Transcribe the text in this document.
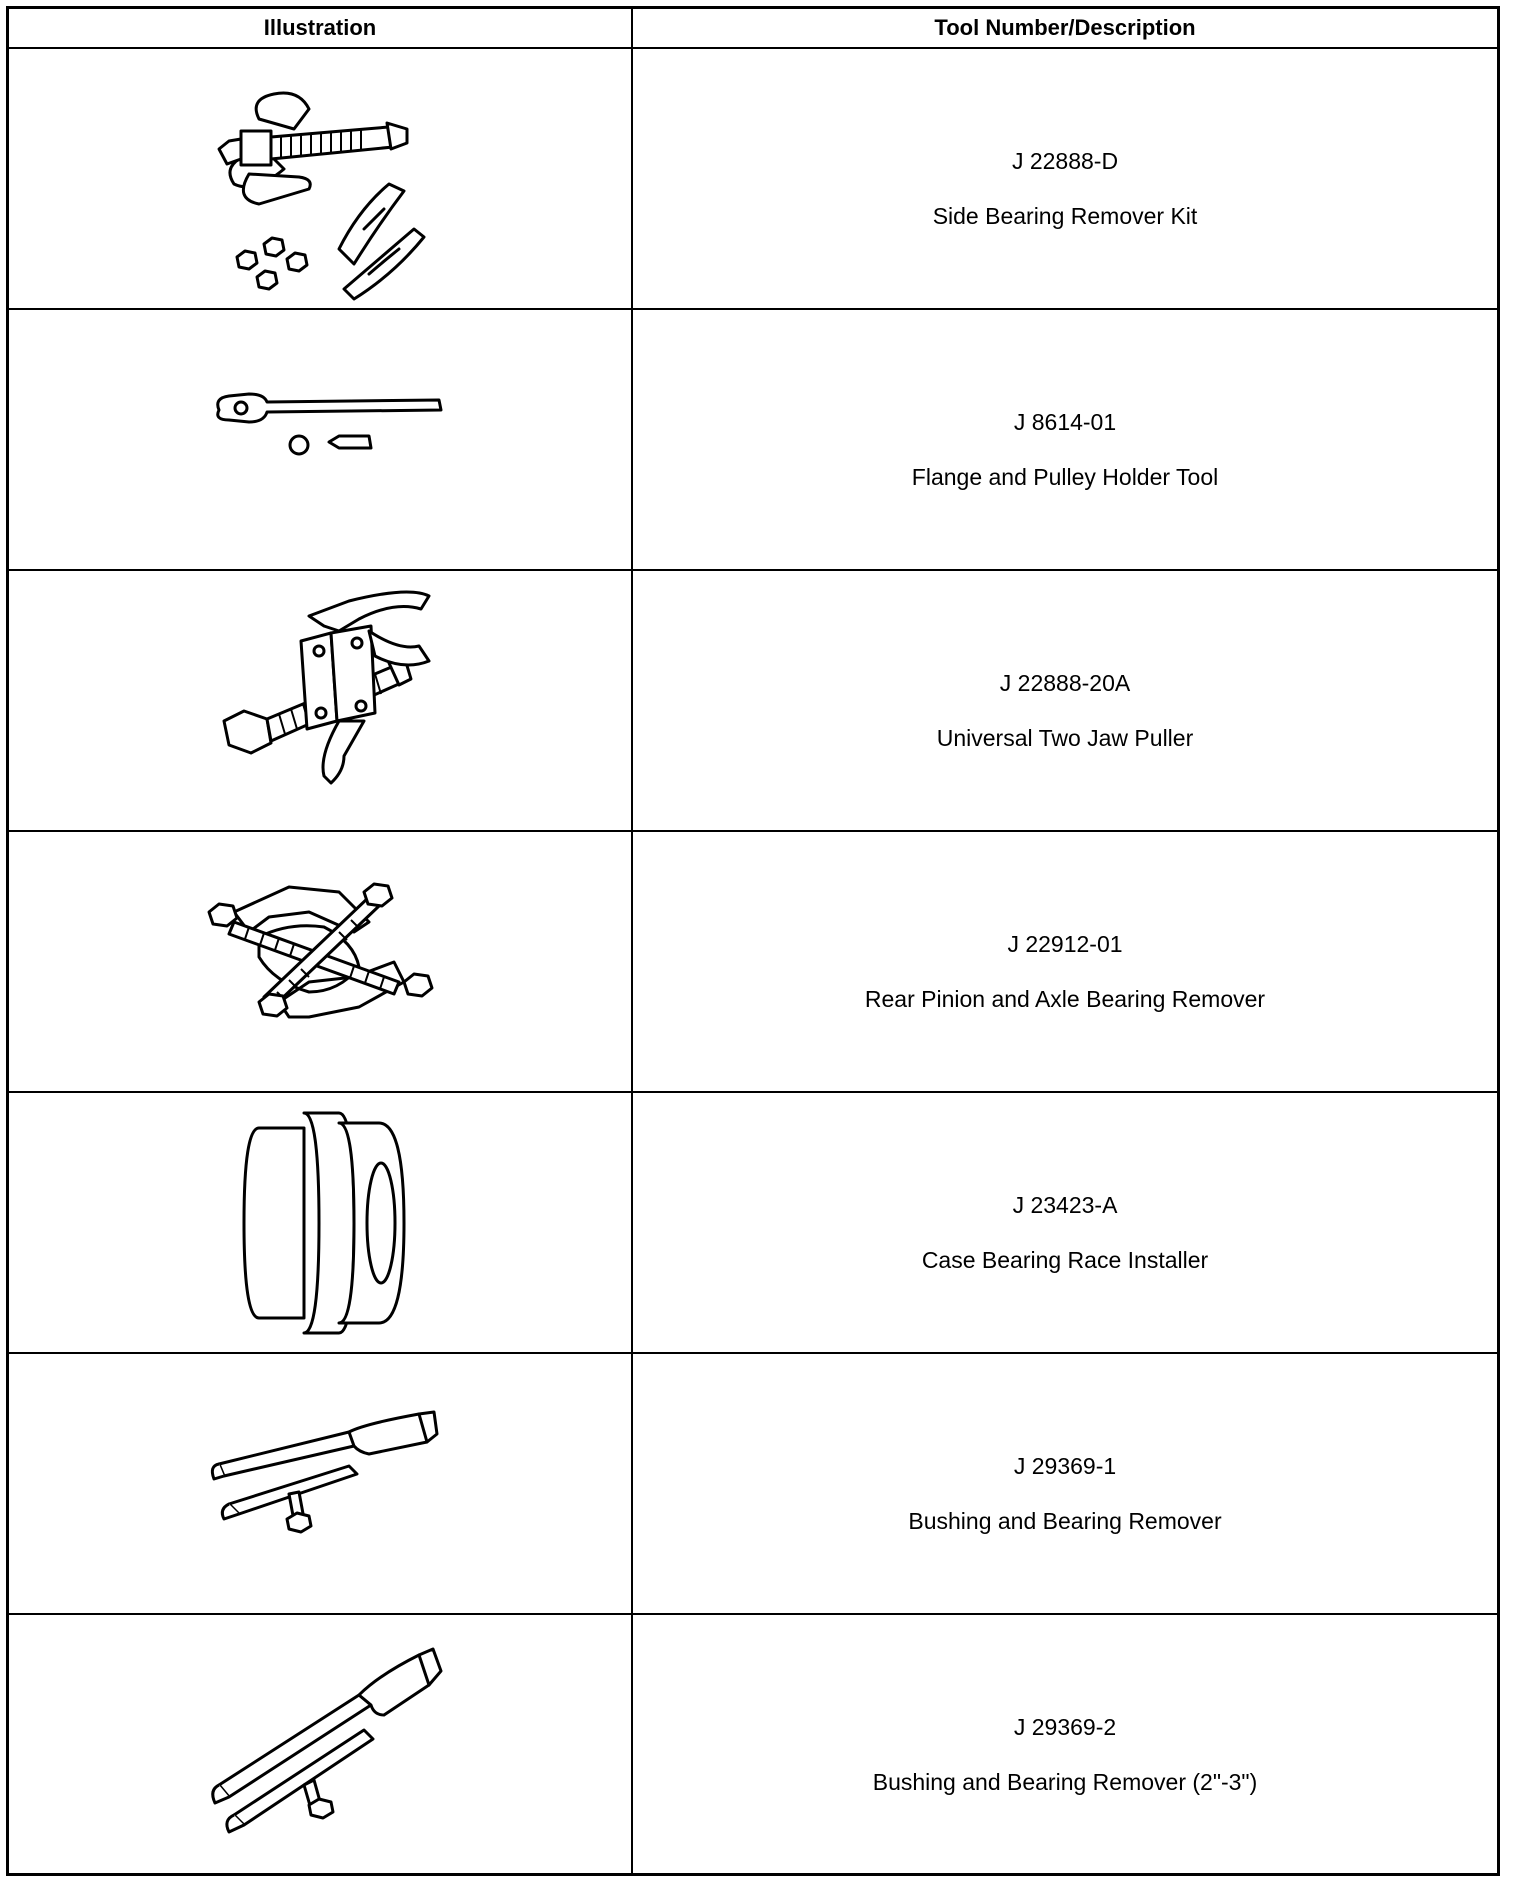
Illustration	Tool Number/Description
J 22888-D
Side Bearing Remover Kit
J 8614-01
Flange and Pulley Holder Tool
J 22888-20A
Universal Two Jaw Puller
J 22912-01
Rear Pinion and Axle Bearing Remover
J 23423-A
Case Bearing Race Installer
J 29369-1
Bushing and Bearing Remover
J 29369-2
Bushing and Bearing Remover (2"-3")
